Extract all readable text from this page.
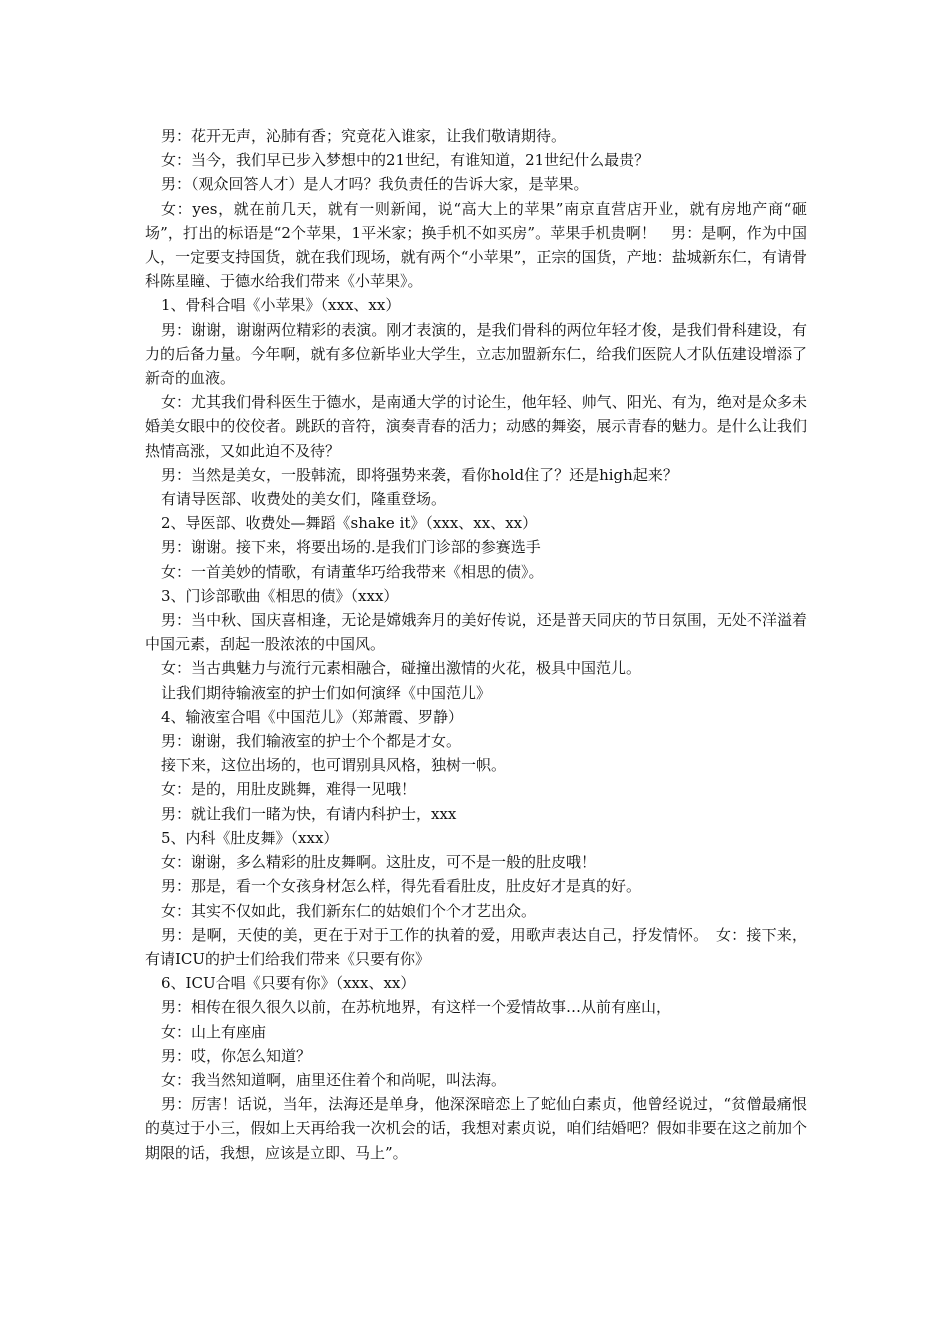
男：花开无声，沁肺有香；究竟花入谁家，让我们敬请期待。

女：当今，我们早已步入梦想中的21世纪，有谁知道，21世纪什么最贵？

男：（观众回答人才）是人才吗？我负责任的告诉大家，是苹果。

女：yes，就在前几天，就有一则新闻，说“高大上的苹果”南京直营店开业，就有房地产商“砸场”，打出的标语是“2个苹果，1平米家；换手机不如买房”。苹果手机贵啊！　男：是啊，作为中国人，一定要支持国货，就在我们现场，就有两个“小苹果”，正宗的国货，产地：盐城新东仁，有请骨科陈星瞳、于德水给我们带来《小苹果》。

1、骨科合唱《小苹果》（xxx、xx）

男：谢谢，谢谢两位精彩的表演。刚才表演的，是我们骨科的两位年轻才俊，是我们骨科建设，有力的后备力量。今年啊，就有多位新毕业大学生，立志加盟新东仁，给我们医院人才队伍建设增添了新奇的血液。

女：尤其我们骨科医生于德水，是南通大学的讨论生，他年轻、帅气、阳光、有为，绝对是众多未婚美女眼中的佼佼者。跳跃的音符，演奏青春的活力；动感的舞姿，展示青春的魅力。是什么让我们热情高涨，又如此迫不及待？

男：当然是美女，一股韩流，即将强势来袭，看你hold住了？还是high起来？

有请导医部、收费处的美女们，隆重登场。

2、导医部、收费处—舞蹈《shake it》（xxx、xx、xx）

男：谢谢。接下来，将要出场的.是我们门诊部的参赛选手

女：一首美妙的情歌，有请董华巧给我带来《相思的债》。

3、门诊部歌曲《相思的债》（xxx）

男：当中秋、国庆喜相逢，无论是嫦娥奔月的美好传说，还是普天同庆的节日氛围，无处不洋溢着中国元素，刮起一股浓浓的中国风。

女：当古典魅力与流行元素相融合，碰撞出激情的火花，极具中国范儿。

让我们期待输液室的护士们如何演绎《中国范儿》

4、输液室合唱《中国范儿》（郑萧霞、罗静）

男：谢谢，我们输液室的护士个个都是才女。

接下来，这位出场的，也可谓别具风格，独树一帜。

女：是的，用肚皮跳舞，难得一见哦！

男：就让我们一睹为快，有请内科护士，xxx

5、内科《肚皮舞》（xxx）

女：谢谢，多么精彩的肚皮舞啊。这肚皮，可不是一般的肚皮哦！

男：那是，看一个女孩身材怎么样，得先看看肚皮，肚皮好才是真的好。

女：其实不仅如此，我们新东仁的姑娘们个个才艺出众。

男：是啊，天使的美，更在于对于工作的执着的爱，用歌声表达自己，抒发情怀。　女：接下来，有请ICU的护士们给我们带来《只要有你》

6、ICU合唱《只要有你》（xxx、xx）

男：相传在很久很久以前，在苏杭地界，有这样一个爱情故事…从前有座山，

女：山上有座庙

男：哎，你怎么知道？

女：我当然知道啊，庙里还住着个和尚呢，叫法海。

男：厉害！话说，当年，法海还是单身，他深深暗恋上了蛇仙白素贞，他曾经说过，“贫僧最痛恨的莫过于小三，假如上天再给我一次机会的话，我想对素贞说，咱们结婚吧？假如非要在这之前加个期限的话，我想，应该是立即、马上”。
